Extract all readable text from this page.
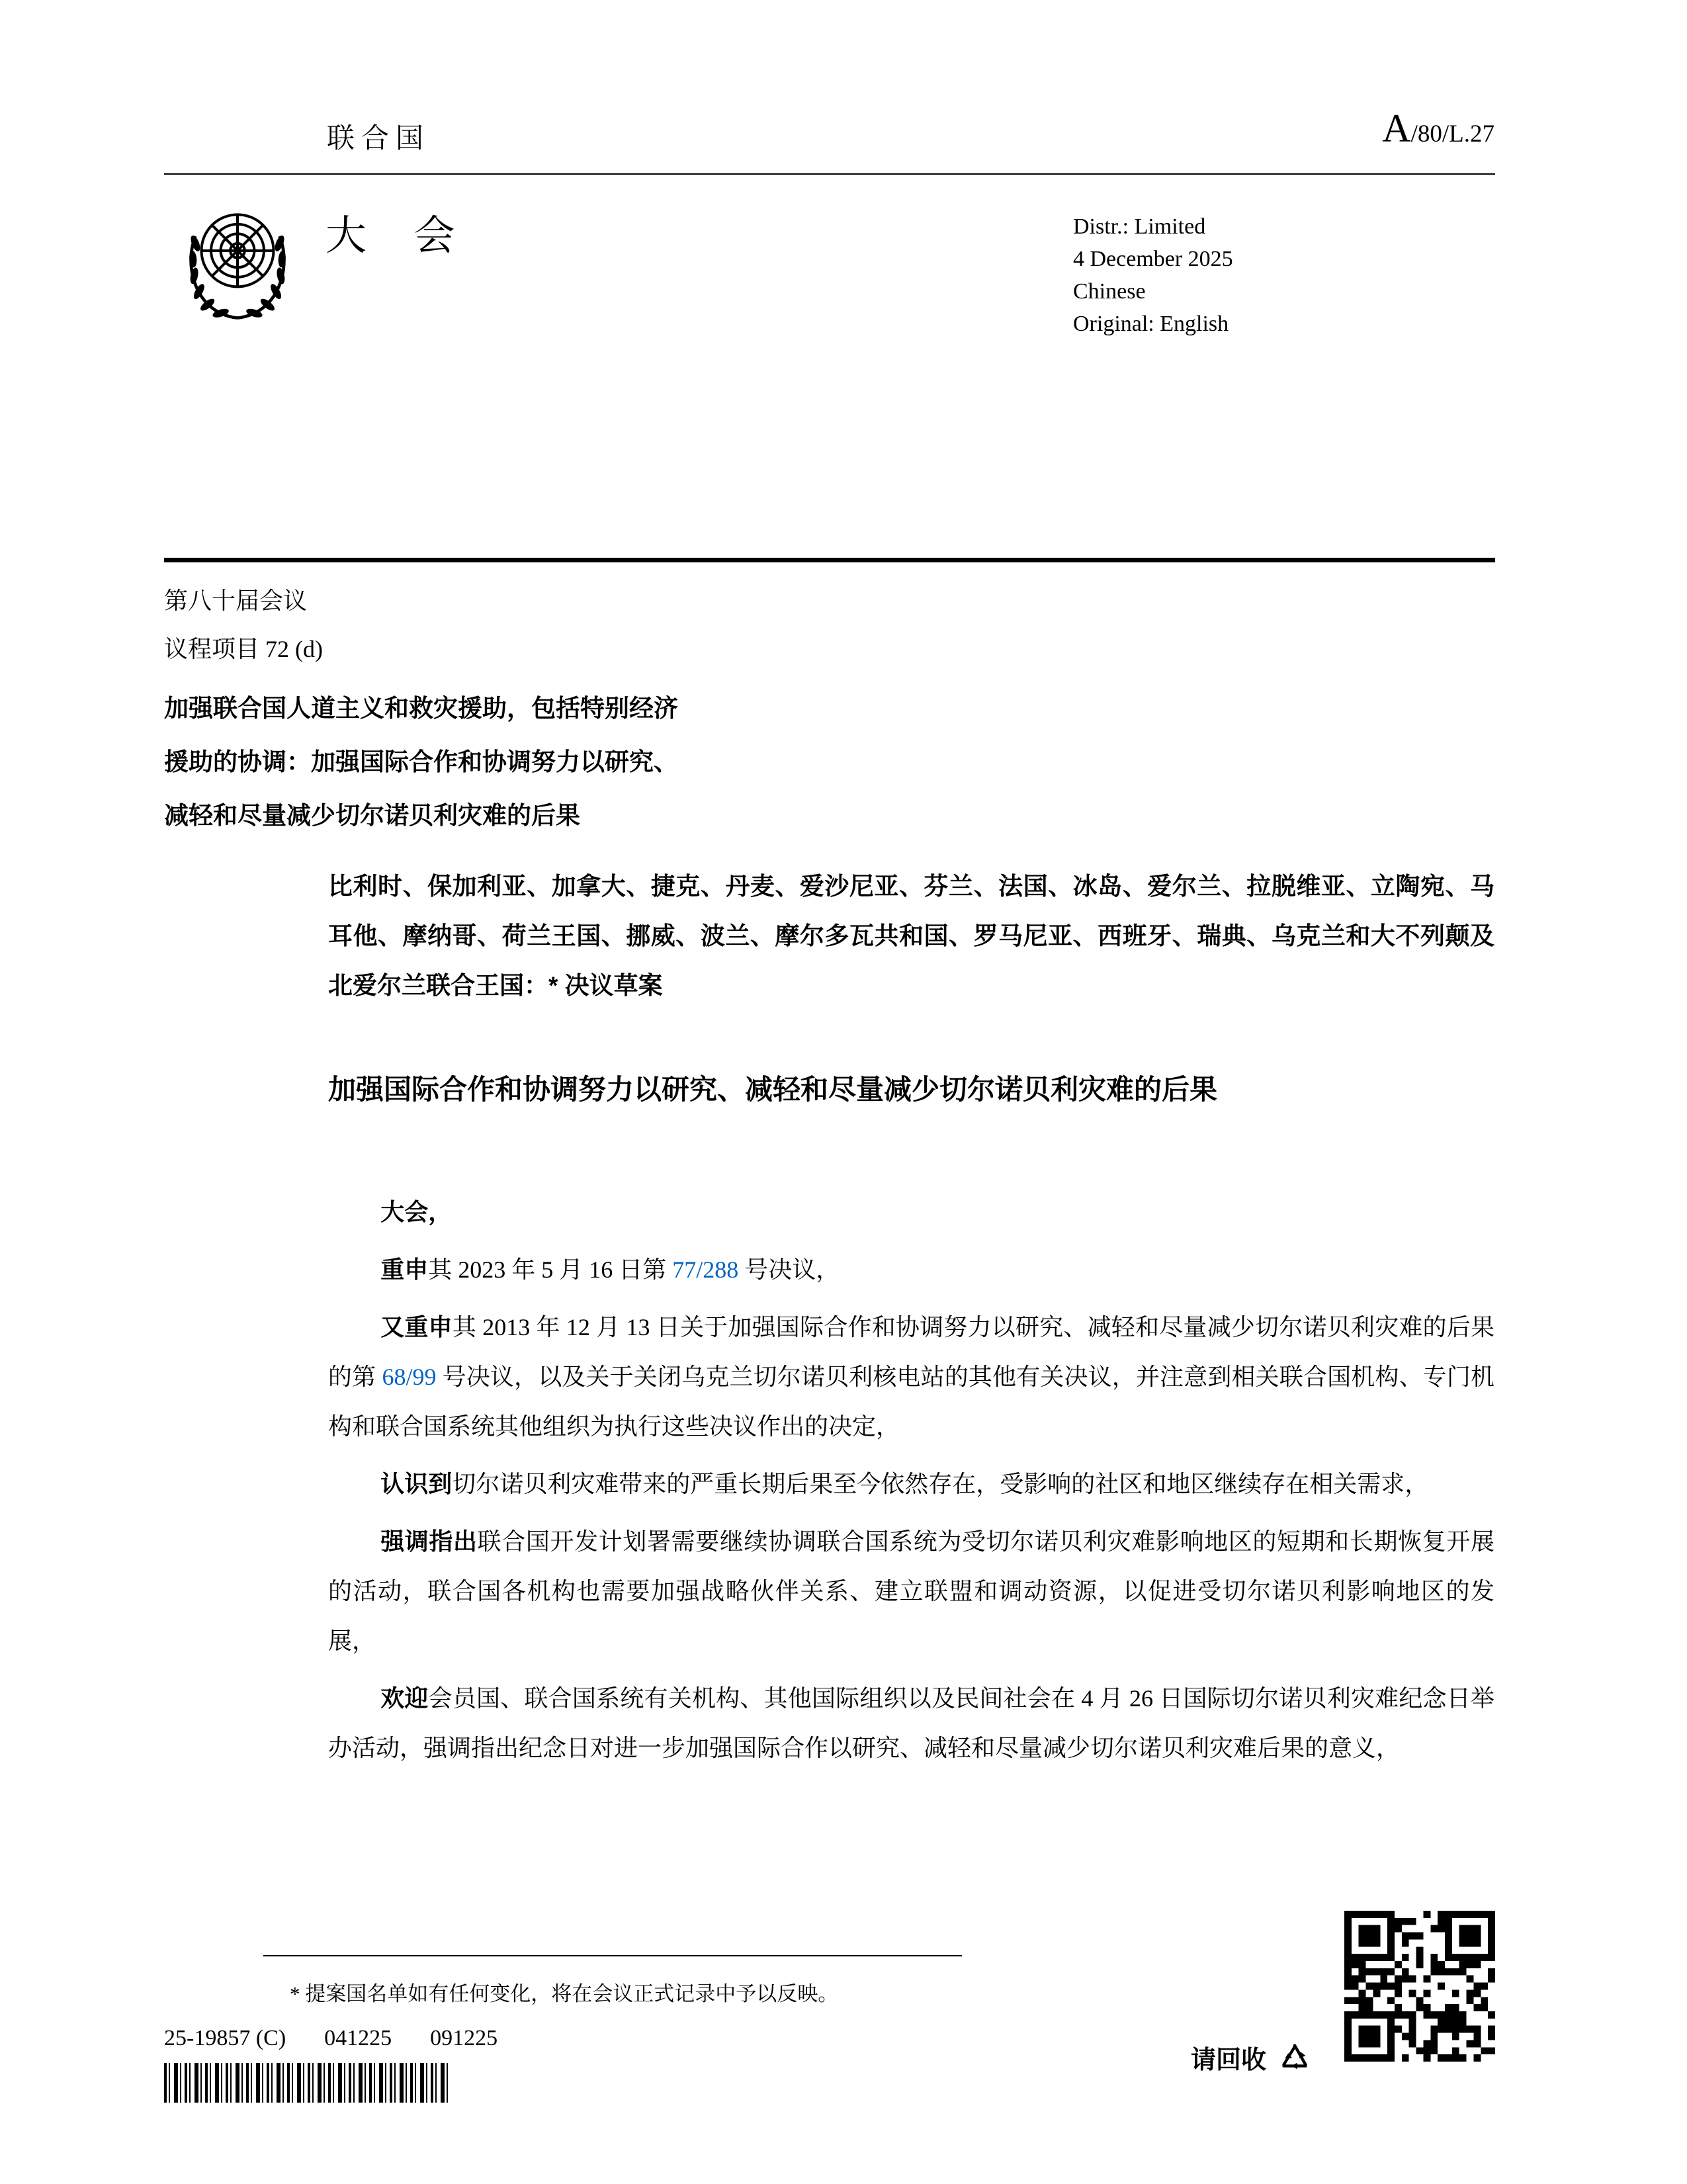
联合国	A/80/L.27
大 会	Distr.: Limited
4 December 2025
Chinese
Original: English
第八十届会议
议程项目 72 (d)
加强联合国人道主义和救灾援助，包括特别经济
援助的协调：加强国际合作和协调努力以研究、
减轻和尽量减少切尔诺贝利灾难的后果

比利时、保加利亚、加拿大、捷克、丹麦、爱沙尼亚、芬兰、法国、冰岛、爱尔兰、拉脱维亚、立陶宛、马耳他、摩纳哥、荷兰王国、挪威、波兰、摩尔多瓦共和国、罗马尼亚、西班牙、瑞典、乌克兰和大不列颠及北爱尔兰联合王国：* 决议草案

加强国际合作和协调努力以研究、减轻和尽量减少切尔诺贝利灾难的后果

大会，

重申其 2023 年 5 月 16 日第 77/288 号决议，

又重申其 2013 年 12 月 13 日关于加强国际合作和协调努力以研究、减轻和尽量减少切尔诺贝利灾难的后果的第 68/99 号决议，以及关于关闭乌克兰切尔诺贝利核电站的其他有关决议，并注意到相关联合国机构、专门机构和联合国系统其他组织为执行这些决议作出的决定，

认识到切尔诺贝利灾难带来的严重长期后果至今依然存在，受影响的社区和地区继续存在相关需求，

强调指出联合国开发计划署需要继续协调联合国系统为受切尔诺贝利灾难影响地区的短期和长期恢复开展的活动，联合国各机构也需要加强战略伙伴关系、建立联盟和调动资源，以促进受切尔诺贝利影响地区的发展，

欢迎会员国、联合国系统有关机构、其他国际组织以及民间社会在 4 月 26 日国际切尔诺贝利灾难纪念日举办活动，强调指出纪念日对进一步加强国际合作以研究、减轻和尽量减少切尔诺贝利灾难后果的意义，

* 提案国名单如有任何变化，将在会议正式记录中予以反映。
25-19857 (C) 041225 091225
请回收
